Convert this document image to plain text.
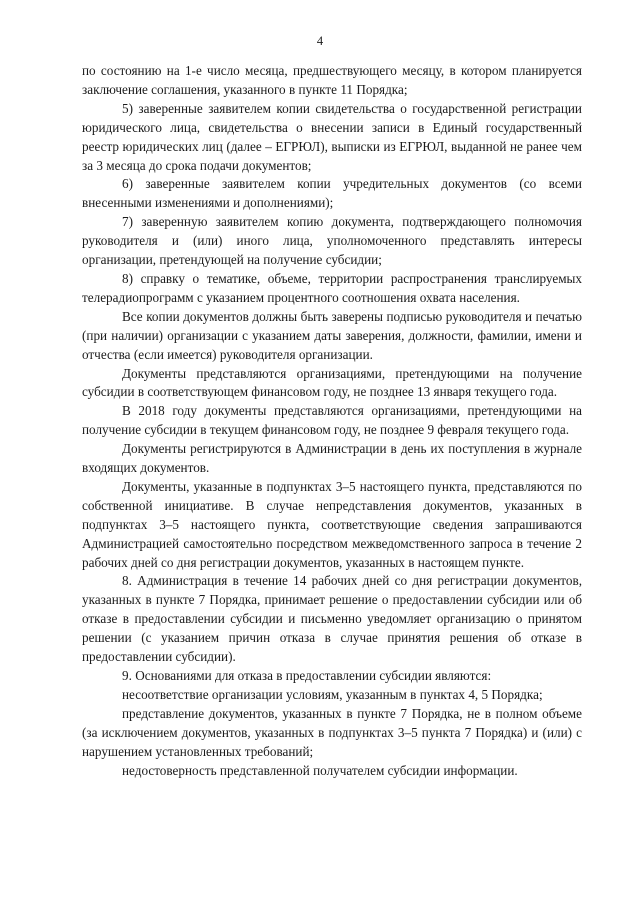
4

по состоянию на 1-е число месяца, предшествующего месяцу, в котором планируется заключение соглашения, указанного в пункте 11 Порядка;

5) заверенные заявителем копии свидетельства о государственной регистрации юридического лица, свидетельства о внесении записи в Единый государственный реестр юридических лиц (далее – ЕГРЮЛ), выписки из ЕГРЮЛ, выданной не ранее чем за 3 месяца до срока подачи документов;

6) заверенные заявителем копии учредительных документов (со всеми внесенными изменениями и дополнениями);

7) заверенную заявителем копию документа, подтверждающего полномочия руководителя и (или) иного лица, уполномоченного представлять интересы организации, претендующей на получение субсидии;

8) справку о тематике, объеме, территории распространения транслируемых телерадиопрограмм с указанием процентного соотношения охвата населения.

Все копии документов должны быть заверены подписью руководителя и печатью (при наличии) организации с указанием даты заверения, должности, фамилии, имени и отчества (если имеется) руководителя организации.

Документы представляются организациями, претендующими на получение субсидии в соответствующем финансовом году, не позднее 13 января текущего года.

В 2018 году документы представляются организациями, претендующими на получение субсидии в текущем финансовом году, не позднее 9 февраля текущего года.

Документы регистрируются в Администрации в день их поступления в журнале входящих документов.

Документы, указанные в подпунктах 3–5 настоящего пункта, представляются по собственной инициативе. В случае непредставления документов, указанных в подпунктах 3–5 настоящего пункта, соответствующие сведения запрашиваются Администрацией самостоятельно посредством межведомственного запроса в течение 2 рабочих дней со дня регистрации документов, указанных в настоящем пункте.

8. Администрация в течение 14 рабочих дней со дня регистрации документов, указанных в пункте 7 Порядка, принимает решение о предоставлении субсидии или об отказе в предоставлении субсидии и письменно уведомляет организацию о принятом решении (с указанием причин отказа в случае принятия решения об отказе в предоставлении субсидии).

9. Основаниями для отказа в предоставлении субсидии являются:

несоответствие организации условиям, указанным в пунктах 4, 5 Порядка;

представление документов, указанных в пункте 7 Порядка, не в полном объеме (за исключением документов, указанных в подпунктах 3–5 пункта 7 Порядка) и (или) с нарушением установленных требований;

недостоверность представленной получателем субсидии информации.
